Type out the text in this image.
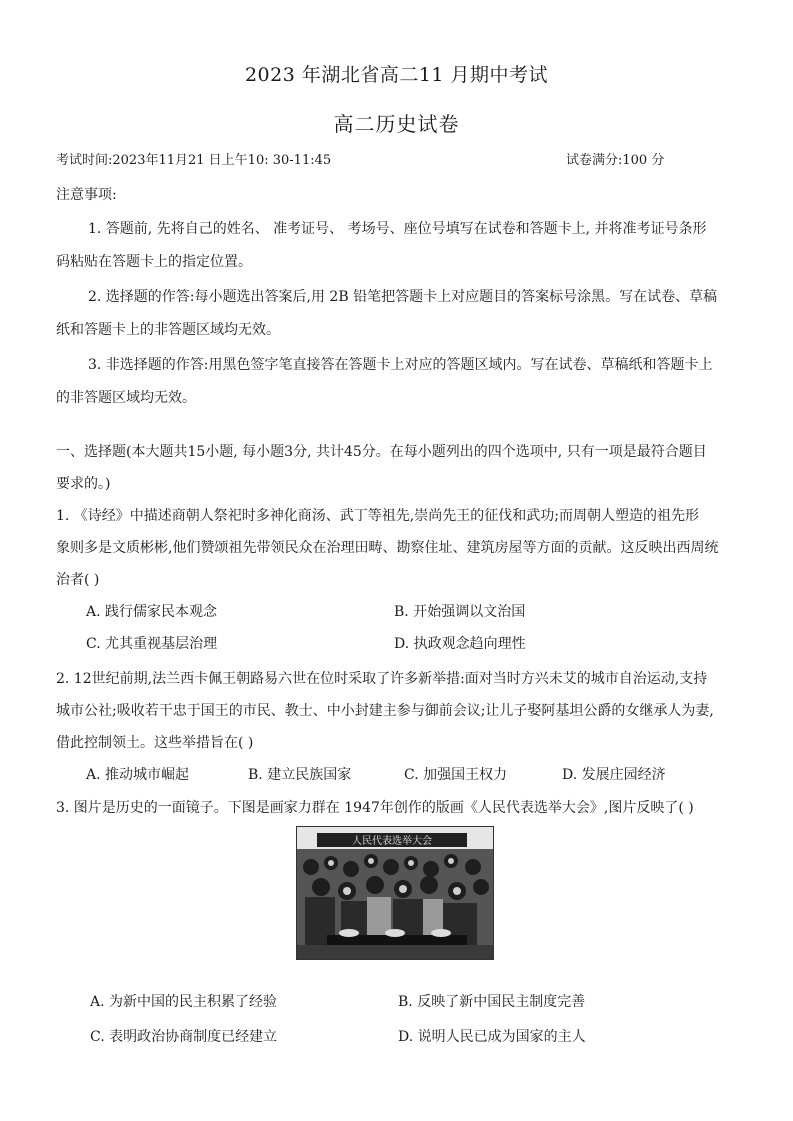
2023 年湖北省高二11 月期中考试
高二历史试卷
考试时间:2023年11月21 日上午10: 30-11:45	试卷满分:100 分
注意事项:
1. 答题前, 先将自己的姓名、 准考证号、 考场号、座位号填写在试卷和答题卡上, 并将准考证号条形
码粘贴在答题卡上的指定位置。
2. 选择题的作答:每小题选出答案后,用 2B 铅笔把答题卡上对应题目的答案标号涂黑。写在试卷、草稿
纸和答题卡上的非答题区域均无效。
3. 非选择题的作答:用黑色签字笔直接答在答题卡上对应的答题区域内。写在试卷、草稿纸和答题卡上
的非答题区域均无效。
一、选择题(本大题共15小题, 每小题3分, 共计45分。在每小题列出的四个选项中, 只有一项是最符合题目
要求的。)
1. 《诗经》中描述商朝人祭祀时多神化商汤、武丁等祖先,崇尚先王的征伐和武功;而周朝人塑造的祖先形
象则多是文质彬彬,他们赞颂祖先带领民众在治理田畴、勘察住址、建筑房屋等方面的贡献。这反映出西周统
治者( )
A. 践行儒家民本观念	B. 开始强调以文治国
C. 尤其重视基层治理	D. 执政观念趋向理性
2. 12世纪前期,法兰西卡佩王朝路易六世在位时采取了许多新举措:面对当时方兴未艾的城市自治运动,支持
城市公社;吸收若干忠于国王的市民、教士、中小封建主参与御前会议;让儿子娶阿基坦公爵的女继承人为妻,
借此控制领土。这些举措旨在( )
A. 推动城市崛起	B. 建立民族国家	C. 加强国王权力	D. 发展庄园经济
3. 图片是历史的一面镜子。下图是画家力群在 1947年创作的版画《人民代表选举大会》,图片反映了( )
人民代表选举大会
A. 为新中国的民主积累了经验	B. 反映了新中国民主制度完善
C. 表明政治协商制度已经建立	D. 说明人民已成为国家的主人
